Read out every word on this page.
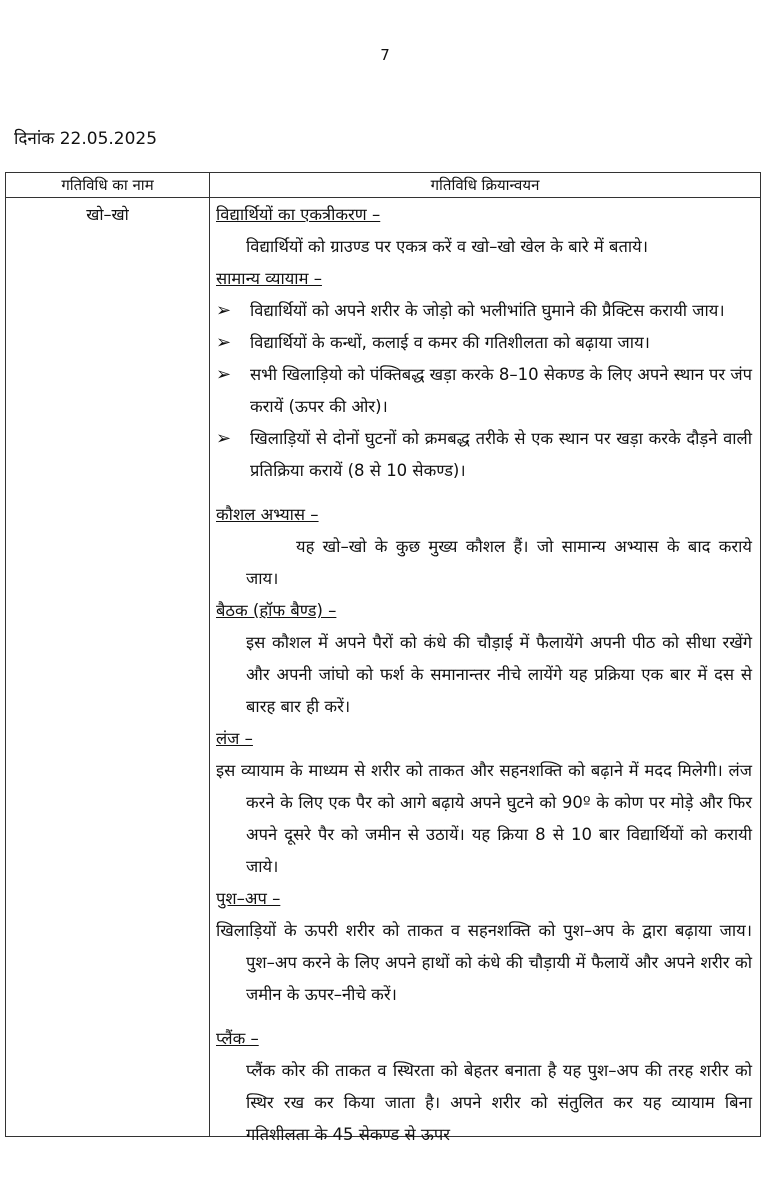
7
दिनांक 22.05.2025
गतिविधि का नाम	गतिविधि क्रियान्वयन
खो–खो	विद्यार्थियों का एकत्रीकरण –
विद्यार्थियों को ग्राउण्ड पर एकत्र करें व खो–खो खेल के बारे में बताये।
सामान्य व्यायाम –
➢	विद्यार्थियों को अपने शरीर के जोड़ो को भलीभांति घुमाने की प्रैक्टिस करायी जाय।
➢	विद्यार्थियों के कन्धों, कलाई व कमर की गतिशीलता को बढ़ाया जाय।
➢	सभी खिलाड़ियो को पंक्तिबद्ध खड़ा करके 8–10 सेकण्ड के लिए अपने स्थान पर जंप करायें (ऊपर की ओर)।
➢	खिलाड़ियों से दोनों घुटनों को क्रमबद्ध तरीके से एक स्थान पर खड़ा करके दौड़ने वाली प्रतिक्रिया करायें (8 से 10 सेकण्ड)।
कौशल अभ्यास –
यह खो–खो के कुछ मुख्य कौशल हैं। जो सामान्य अभ्यास के बाद कराये जाय।
बैठक (हॉफ बैण्ड) –
इस कौशल में अपने पैरों को कंधे की चौड़ाई में फैलायेंगे अपनी पीठ को सीधा रखेंगे और अपनी जांघो को फर्श के समानान्तर नीचे लायेंगे यह प्रक्रिया एक बार में दस से बारह बार ही करें।
लंज –
इस व्यायाम के माध्यम से शरीर को ताकत और सहनशक्ति को बढ़ाने में मदद मिलेगी। लंज करने के लिए एक पैर को आगे बढ़ाये अपने घुटने को 90º के कोण पर मोड़े और फिर अपने दूसरे पैर को जमीन से उठायें। यह क्रिया 8 से 10 बार विद्यार्थियों को करायी जाये।
पुश–अप –
खिलाड़ियों के ऊपरी शरीर को ताकत व सहनशक्ति को पुश–अप के द्वारा बढ़ाया जाय। पुश–अप करने के लिए अपने हाथों को कंधे की चौड़ायी में फैलायें और अपने शरीर को जमीन के ऊपर–नीचे करें।
प्लैंक –
प्लैंक कोर की ताकत व स्थिरता को बेहतर बनाता है यह पुश–अप की तरह शरीर को स्थिर रख कर किया जाता है। अपने शरीर को संतुलित कर यह व्यायाम बिना गतिशीलता के 45 सेकण्ड से ऊपर
